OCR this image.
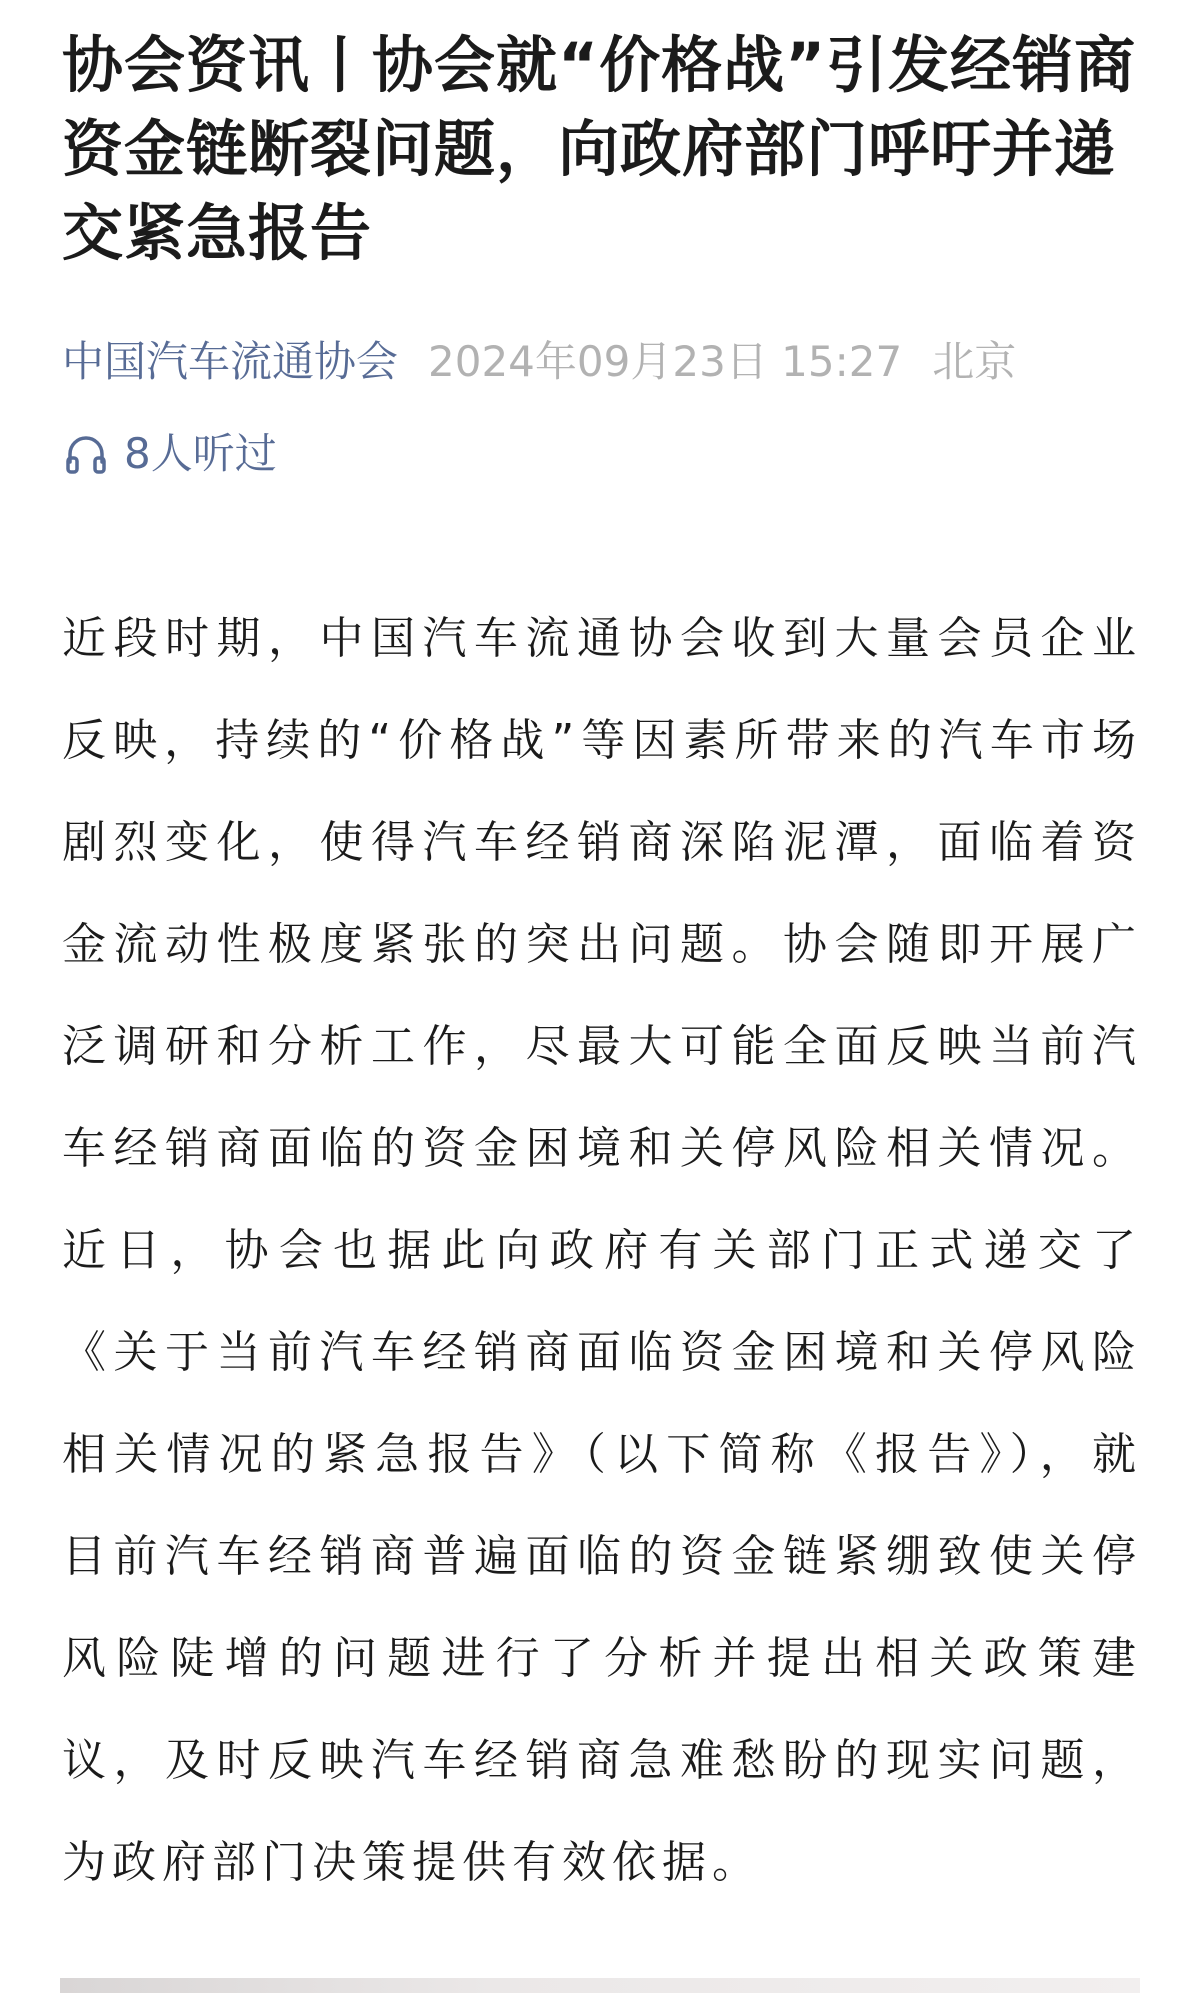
协会资讯丨协会就“价格战”引发经销商资金链断裂问题，向政府部门呼吁并递交紧急报告
中国汽车流通协会 2024年09月23日 15:27 北京
8人听过

近段时期，中国汽车流通协会收到大量会员企业反映，持续的“价格战”等因素所带来的汽车市场剧烈变化，使得汽车经销商深陷泥潭，面临着资金流动性极度紧张的突出问题。协会随即开展广泛调研和分析工作，尽最大可能全面反映当前汽车经销商面临的资金困境和关停风险相关情况。近日，协会也据此向政府有关部门正式递交了《关于当前汽车经销商面临资金困境和关停风险相关情况的紧急报告》（以下简称《报告》），就目前汽车经销商普遍面临的资金链紧绷致使关停风险陡增的问题进行了分析并提出相关政策建议，及时反映汽车经销商急难愁盼的现实问题，为政府部门决策提供有效依据。
